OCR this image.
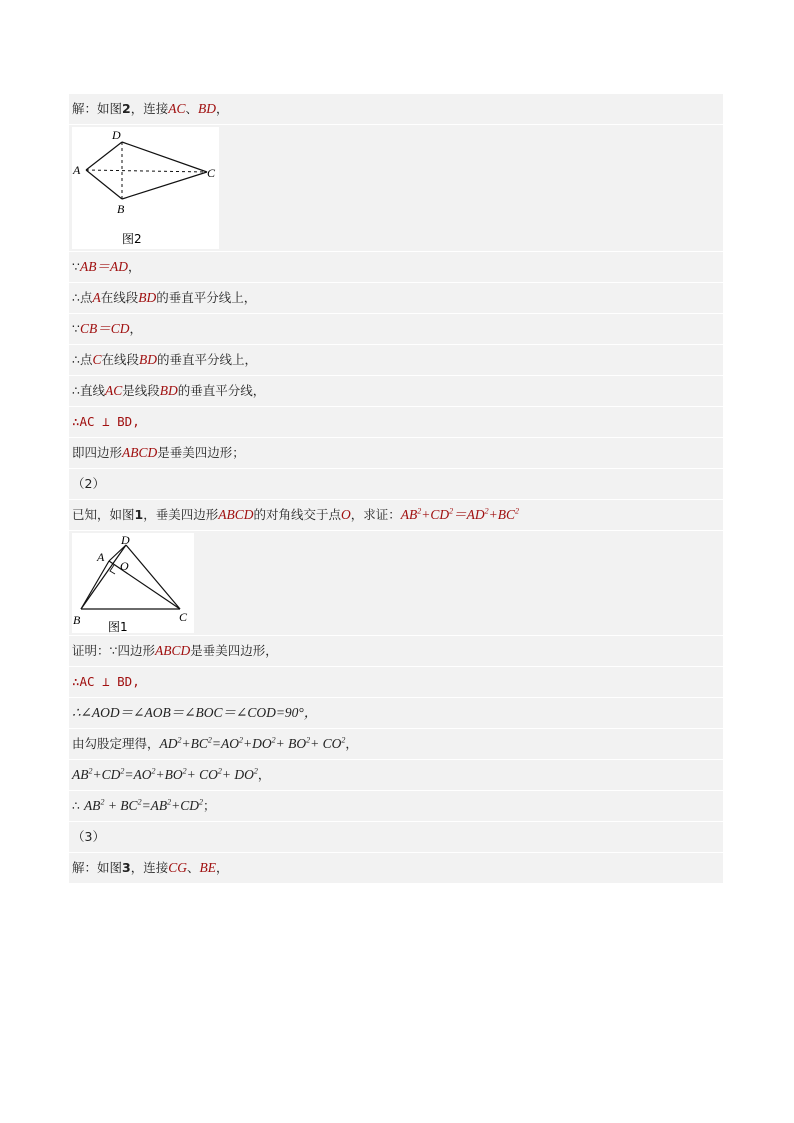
解：如图2，连接AC、BD，
D
A	C
B
图2
∵AB＝AD，
∴点A在线段BD的垂直平分线上，
∵CB＝CD，
∴点C在线段BD的垂直平分线上，
∴直线AC是线段BD的垂直平分线，
∴AC ⊥ BD,
即四边形ABCD是垂美四边形；
（2）
已知，如图1，垂美四边形ABCD的对角线交于点O，求证：$AB^2+CD^2=AD^2+BC^2$
D
A
O
B	C
图1
证明：∵四边形ABCD是垂美四边形，
∴AC ⊥ BD,
∴∠AOD＝∠AOB＝∠BOC＝∠COD=90°，
由勾股定理得，$AD^2+BC^2=AO^2+DO^2+ BO^2+ CO^2$，
$AB^2+CD^2=AO^2+BO^2+ CO^2+ DO^2$，
∴ $AB^2 + BC^2=AB^2+CD^2$；
（3）
解：如图3，连接CG、BE，
